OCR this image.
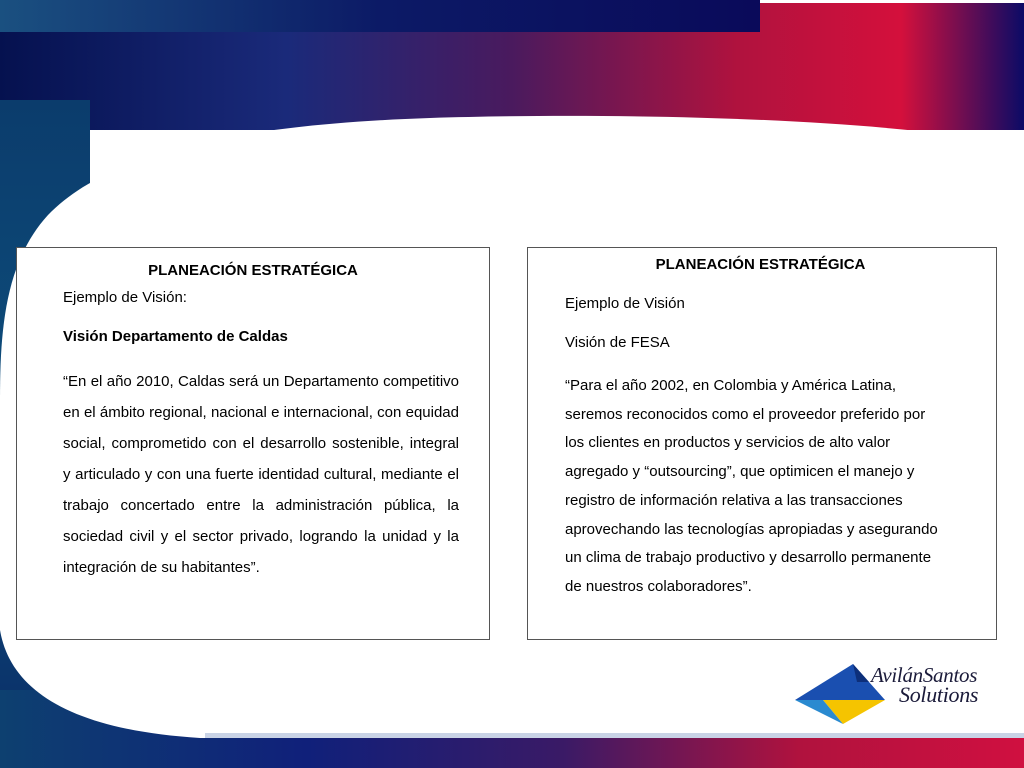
PLANEACIÓN ESTRATÉGICA

Ejemplo de Visión:

Visión Departamento de Caldas

“En el año 2010, Caldas será un Departamento competitivo en el ámbito regional, nacional e internacional, con equidad social, comprometido con el desarrollo sostenible, integral y articulado y con una fuerte identidad cultural, mediante el trabajo concertado entre la administración pública, la sociedad civil y el sector privado, logrando la unidad y la integración de su habitantes”.

PLANEACIÓN ESTRATÉGICA

Ejemplo de Visión

Visión de FESA

“Para el año 2002, en Colombia y América Latina, seremos reconocidos como el proveedor preferido por los clientes en productos y servicios de alto valor agregado y “outsourcing”, que optimicen el manejo y registro de información relativa a las transacciones aprovechando las tecnologías apropiadas y asegurando un clima de trabajo productivo y desarrollo permanente de nuestros colaboradores”.

AvilánSantos
Solutions
